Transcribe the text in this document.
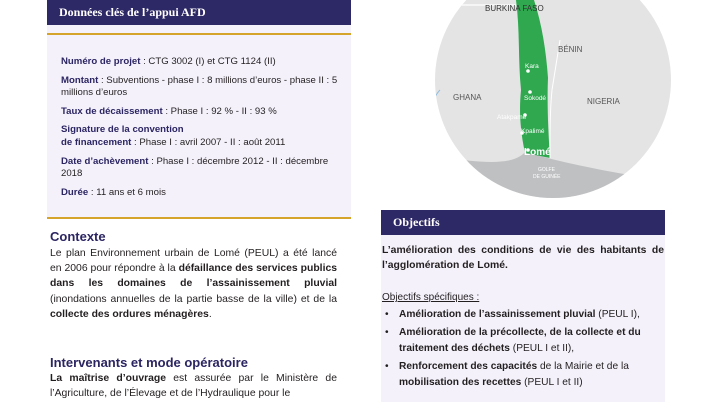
Données clés de l’appui AFD

Numéro de projet : CTG 3002 (I) et CTG 1124 (II)

Montant : Subventions - phase I : 8 millions d’euros - phase II : 5 millions d’euros

Taux de décaissement : Phase I : 92 % - II : 93 %

Signature de la convention
de financement : Phase I : avril 2007 - II : août 2011

Date d’achèvement : Phase I : décembre 2012 - II : décembre 2018

Durée : 11 ans et 6 mois

Contexte
Le plan Environnement urbain de Lomé (PEUL) a été lancé en 2006 pour répondre à la défaillance des services publics dans les domaines de l’assainissement pluvial (inondations annuelles de la partie basse de la ville) et de la collecte des ordures ménagères.
Intervenants et mode opératoire
La maîtrise d’ouvrage est assurée par le Ministère de l’Agriculture, de l’Élevage et de l’Hydraulique pour le
BURKINA FASO
BÉNIN
GHANA	NIGERIA
Kara
Sokodé
Atakpamé
Kpalimé
Lomé
GOLFE
DE GUINÉE
Objectifs
L’amélioration des conditions de vie des habitants de l’agglomération de Lomé.
Objectifs spécifiques :
• Amélioration de l’assainissement pluvial (PEUL I),
• Amélioration de la précollecte, de la collecte et du traitement des déchets (PEUL I et II),
• Renforcement des capacités de la Mairie et de la mobilisation des recettes (PEUL I et II)
